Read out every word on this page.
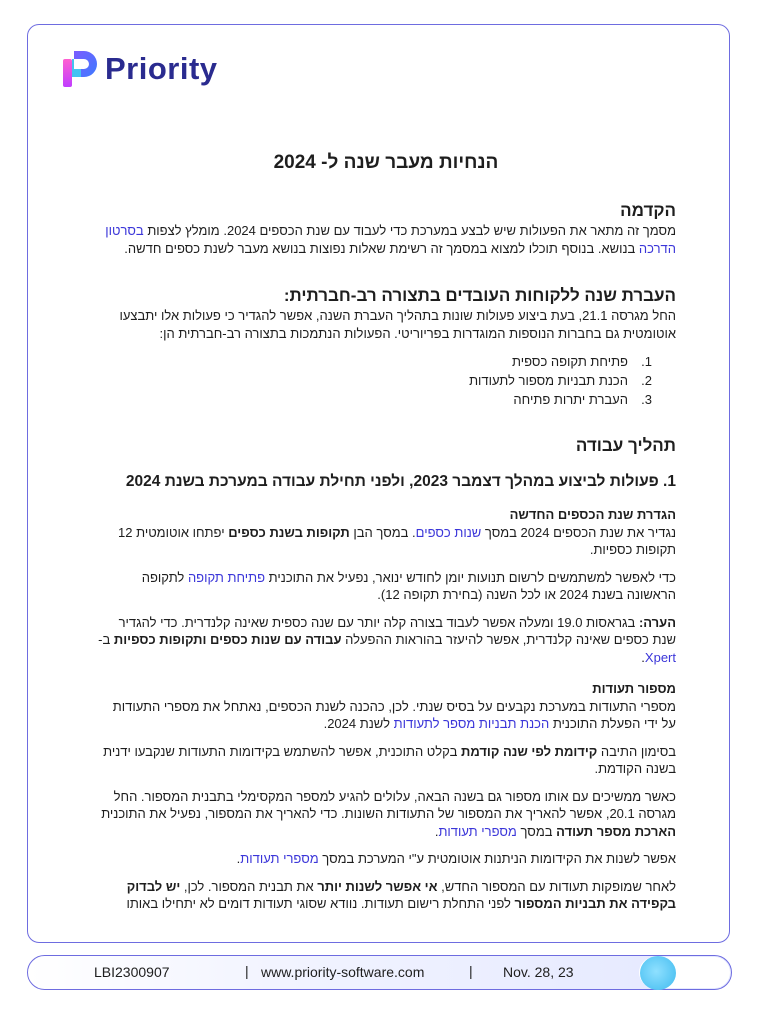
Priority
הנחיות מעבר שנה ל- 2024
הקדמה

מסמך זה מתאר את הפעולות שיש לבצע במערכת כדי לעבוד עם שנת הכספים 2024. מומלץ לצפות בסרטון הדרכה בנושא. בנוסף תוכלו למצוא במסמך זה רשימת שאלות נפוצות בנושא מעבר לשנת כספים חדשה.

העברת שנה ללקוחות העובדים בתצורה רב-חברתית:

החל מגרסה 21.1, בעת ביצוע פעולות שונות בתהליך העברת השנה, אפשר להגדיר כי פעולות אלו יתבצעו אוטומטית גם בחברות הנוספות המוגדרות בפריוריטי. הפעולות הנתמכות בתצורה רב-חברתית הן:

1.
פתיחת תקופה כספית
2.
הכנת תבניות מספור לתעודות
3.
העברת יתרות פתיחה
תהליך עבודה
1. פעולות לביצוע במהלך דצמבר 2023, ולפני תחילת עבודה במערכת בשנת 2024
הגדרת שנת הכספים החדשה

נגדיר את שנת הכספים 2024 במסך שנות כספים. במסך הבן תקופות בשנת כספים יפתחו אוטומטית 12 תקופות כספיות.

כדי לאפשר למשתמשים לרשום תנועות יומן לחודש ינואר, נפעיל את התוכנית פתיחת תקופה לתקופה הראשונה בשנת 2024 או לכל השנה (בחירת תקופה 12).

הערה: בגראסות 19.0 ומעלה אפשר לעבוד בצורה קלה יותר עם שנה כספית שאינה קלנדרית. כדי להגדיר שנת כספים שאינה קלנדרית, אפשר להיעזר בהוראות ההפעלה עבודה עם שנות כספים ותקופות כספיות ב- Xpert.

מספור תעודות

מספרי התעודות במערכת נקבעים על בסיס שנתי. לכן, כהכנה לשנת הכספים, נאתחל את מספרי התעודות על ידי הפעלת התוכנית הכנת תבניות מספר לתעודות לשנת 2024.

בסימון התיבה קידומת לפי שנה קודמת בקלט התוכנית, אפשר להשתמש בקידומות התעודות שנקבעו ידנית בשנה הקודמת.

כאשר ממשיכים עם אותו מספור גם בשנה הבאה, עלולים להגיע למספר המקסימלי בתבנית המספור. החל מגרסה 20.1, אפשר להאריך את המספור של התעודות השונות. כדי להאריך את המספור, נפעיל את התוכנית הארכת מספר תעודה במסך מספרי תעודות.

אפשר לשנות את הקידומות הניתנות אוטומטית ע"י המערכת במסך מספרי תעודות.

לאחר שמופקות תעודות עם המספור החדש, אי אפשר לשנות יותר את תבנית המספור. לכן, יש לבדוק בקפידה את תבניות המספור לפני התחלת רישום תעודות. נוודא שסוגי תעודות דומים לא יתחילו באותו

LBI2300907	| www.priority-software.com	| Nov. 28, 23
